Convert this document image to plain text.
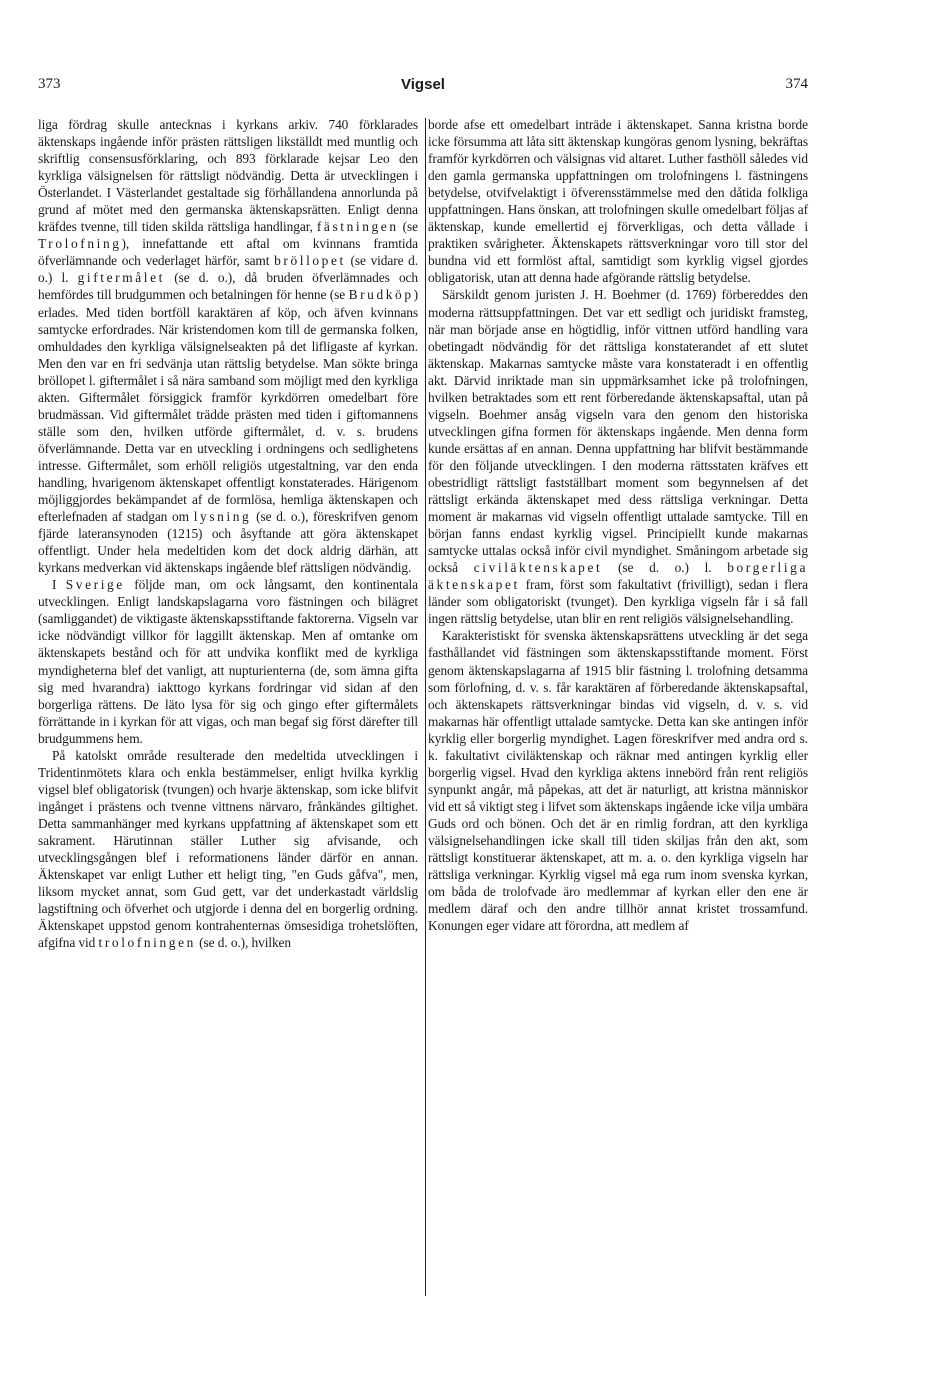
373	Vigsel	374

liga fördrag skulle antecknas i kyrkans arkiv. 740 förklarades äktenskaps ingående inför prästen rättsligen likställdt med muntlig och skriftlig consensusförklaring, och 893 förklarade kejsar Leo den kyrkliga välsignelsen för rättsligt nödvändig. Detta är utvecklingen i Österlandet. I Västerlandet gestaltade sig förhållandena annorlunda på grund af mötet med den germanska äktenskapsrätten. Enligt denna kräfdes tvenne, till tiden skilda rättsliga handlingar, fästningen (se Trolofning), innefattande ett aftal om kvinnans framtida öfverlämnande och vederlaget härför, samt bröllopet (se vidare d. o.) l. giftermålet (se d. o.), då bruden öfverlämnades och hemfördes till brudgummen och betalningen för henne (se Brudköp) erlades. Med tiden bortföll karaktären af köp, och äfven kvinnans samtycke erfordrades. När kristendomen kom till de germanska folken, omhuldades den kyrkliga välsignelseakten på det lifligaste af kyrkan. Men den var en fri sedvänja utan rättslig betydelse. Man sökte bringa bröllopet l. giftermålet i så nära samband som möjligt med den kyrkliga akten. Giftermålet försiggick framför kyrkdörren omedelbart före brudmässan. Vid giftermålet trädde prästen med tiden i giftomannens ställe som den, hvilken utförde giftermålet, d. v. s. brudens öfverlämnande. Detta var en utveckling i ordningens och sedlighetens intresse. Giftermålet, som erhöll religiös utgestaltning, var den enda handling, hvarigenom äktenskapet offentligt konstaterades. Härigenom möjliggjordes bekämpandet af de formlösa, hemliga äktenskapen och efterlefnaden af stadgan om lysning (se d. o.), föreskrifven genom fjärde lateransynoden (1215) och åsyftande att göra äktenskapet offentligt. Under hela medeltiden kom det dock aldrig därhän, att kyrkans medverkan vid äktenskaps ingående blef rättsligen nödvändig.

I Sverige följde man, om ock långsamt, den kontinentala utvecklingen. Enligt landskapslagarna voro fästningen och bilägret (samliggandet) de viktigaste äktenskapsstiftande faktorerna. Vigseln var icke nödvändigt villkor för laggillt äktenskap. Men af omtanke om äktenskapets bestånd och för att undvika konflikt med de kyrkliga myndigheterna blef det vanligt, att nupturienterna (de, som ämna gifta sig med hvarandra) iakttogo kyrkans fordringar vid sidan af den borgerliga rättens. De läto lysa för sig och gingo efter giftermålets förrättande in i kyrkan för att vigas, och man begaf sig först därefter till brudgummens hem.

På katolskt område resulterade den medeltida utvecklingen i Tridentinmötets klara och enkla bestämmelser, enligt hvilka kyrklig vigsel blef obligatorisk (tvungen) och hvarje äktenskap, som icke blifvit ingånget i prästens och tvenne vittnens närvaro, frånkändes giltighet. Detta sammanhänger med kyrkans uppfattning af äktenskapet som ett sakrament. Härutinnan ställer Luther sig afvisande, och utvecklingsgången blef i reformationens länder därför en annan. Äktenskapet var enligt Luther ett heligt ting, "en Guds gåfva", men, liksom mycket annat, som Gud gett, var det underkastadt världslig lagstiftning och öfverhet och utgjorde i denna del en borgerlig ordning. Äktenskapet uppstod genom kontrahenternas ömsesidiga trohetslöften, afgifna vid trolofningen (se d. o.), hvilken

borde afse ett omedelbart inträde i äktenskapet. Sanna kristna borde icke försumma att låta sitt äktenskap kungöras genom lysning, bekräftas framför kyrkdörren och välsignas vid altaret. Luther fasthöll således vid den gamla germanska uppfattningen om trolofningens l. fästningens betydelse, otvifvelaktigt i öfverensstämmelse med den dåtida folkliga uppfattningen. Hans önskan, att trolofningen skulle omedelbart följas af äktenskap, kunde emellertid ej förverkligas, och detta vållade i praktiken svårigheter. Äktenskapets rättsverkningar voro till stor del bundna vid ett formlöst aftal, samtidigt som kyrklig vigsel gjordes obligatorisk, utan att denna hade afgörande rättslig betydelse.

Särskildt genom juristen J. H. Boehmer (d. 1769) förbereddes den moderna rättsuppfattningen. Det var ett sedligt och juridiskt framsteg, när man började anse en högtidlig, inför vittnen utförd handling vara obetingadt nödvändig för det rättsliga konstaterandet af ett slutet äktenskap. Makarnas samtycke måste vara konstateradt i en offentlig akt. Därvid inriktade man sin uppmärksamhet icke på trolofningen, hvilken betraktades som ett rent förberedande äktenskapsaftal, utan på vigseln. Boehmer ansåg vigseln vara den genom den historiska utvecklingen gifna formen för äktenskaps ingående. Men denna form kunde ersättas af en annan. Denna uppfattning har blifvit bestämmande för den följande utvecklingen. I den moderna rättsstaten kräfves ett obestridligt rättsligt fastställbart moment som begynnelsen af det rättsligt erkända äktenskapet med dess rättsliga verkningar. Detta moment är makarnas vid vigseln offentligt uttalade samtycke. Till en början fanns endast kyrklig vigsel. Principiellt kunde makarnas samtycke uttalas också inför civil myndighet. Småningom arbetade sig också civiläktenskapet (se d. o.) l. borgerliga äktenskapet fram, först som fakultativt (frivilligt), sedan i flera länder som obligatoriskt (tvunget). Den kyrkliga vigseln får i så fall ingen rättslig betydelse, utan blir en rent religiös välsignelsehandling.

Karakteristiskt för svenska äktenskapsrättens utveckling är det sega fasthållandet vid fästningen som äktenskapsstiftande moment. Först genom äktenskapslagarna af 1915 blir fästning l. trolofning detsamma som förlofning, d. v. s. får karaktären af förberedande äktenskapsaftal, och äktenskapets rättsverkningar bindas vid vigseln, d. v. s. vid makarnas här offentligt uttalade samtycke. Detta kan ske antingen inför kyrklig eller borgerlig myndighet. Lagen föreskrifver med andra ord s. k. fakultativt civiläktenskap och räknar med antingen kyrklig eller borgerlig vigsel. Hvad den kyrkliga aktens innebörd från rent religiös synpunkt angår, må påpekas, att det är naturligt, att kristna människor vid ett så viktigt steg i lifvet som äktenskaps ingående icke vilja umbära Guds ord och bönen. Och det är en rimlig fordran, att den kyrkliga välsignelsehandlingen icke skall till tiden skiljas från den akt, som rättsligt konstituerar äktenskapet, att m. a. o. den kyrkliga vigseln har rättsliga verkningar. Kyrklig vigsel må ega rum inom svenska kyrkan, om båda de trolofvade äro medlemmar af kyrkan eller den ene är medlem däraf och den andre tillhör annat kristet trossamfund. Konungen eger vidare att förordna, att medlem af
